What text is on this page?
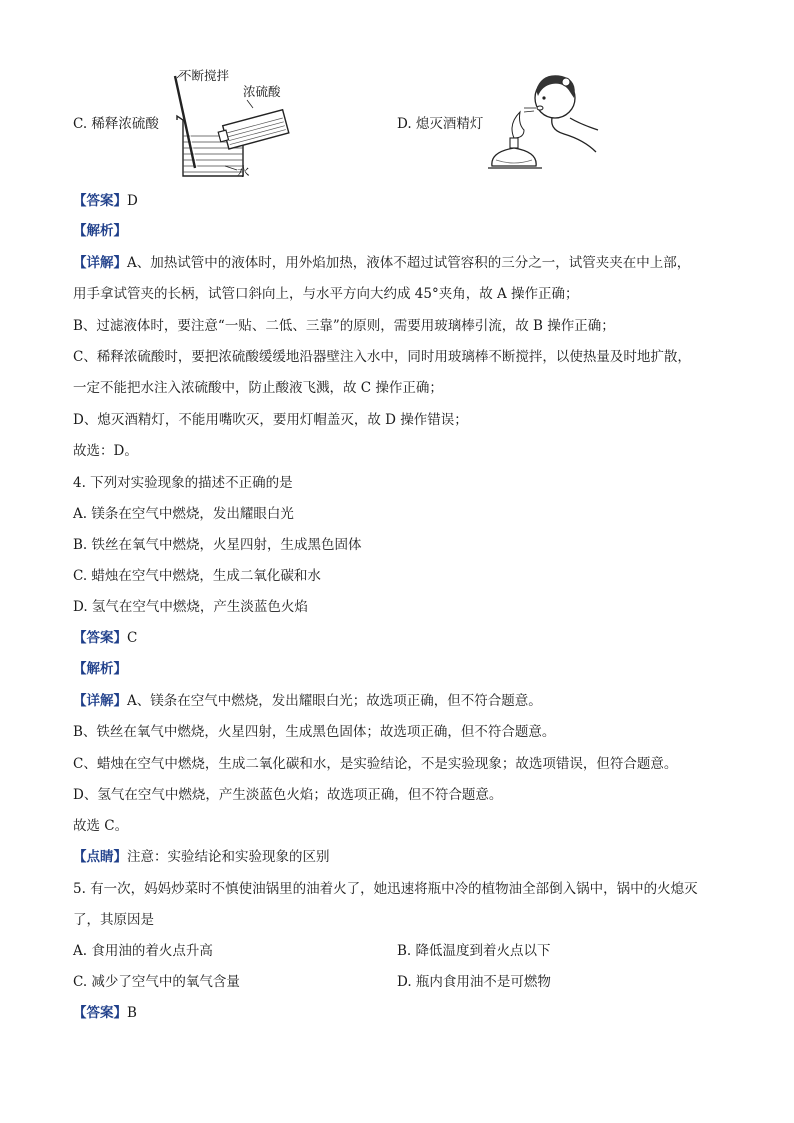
C. 稀释浓硫酸
不断搅拌
浓硫酸
水
D. 熄灭酒精灯
【答案】D
【解析】
【详解】A、加热试管中的液体时，用外焰加热，液体不超过试管容积的三分之一，试管夹夹在中上部，
用手拿试管夹的长柄，试管口斜向上，与水平方向大约成 45°夹角，故 A 操作正确；
B、过滤液体时，要注意“一贴、二低、三靠”的原则，需要用玻璃棒引流，故 B 操作正确；
C、稀释浓硫酸时，要把浓硫酸缓缓地沿器壁注入水中，同时用玻璃棒不断搅拌，以使热量及时地扩散，
一定不能把水注入浓硫酸中，防止酸液飞溅，故 C 操作正确；
D、熄灭酒精灯，不能用嘴吹灭，要用灯帽盖灭，故 D 操作错误；
故选：D。
4. 下列对实验现象的描述不正确的是
A. 镁条在空气中燃烧，发出耀眼白光
B. 铁丝在氧气中燃烧，火星四射，生成黑色固体
C. 蜡烛在空气中燃烧，生成二氧化碳和水
D. 氢气在空气中燃烧，产生淡蓝色火焰
【答案】C
【解析】
【详解】A、镁条在空气中燃烧，发出耀眼白光；故选项正确，但不符合题意。
B、铁丝在氧气中燃烧，火星四射，生成黑色固体；故选项正确，但不符合题意。
C、蜡烛在空气中燃烧，生成二氧化碳和水，是实验结论，不是实验现象；故选项错误，但符合题意。
D、氢气在空气中燃烧，产生淡蓝色火焰；故选项正确，但不符合题意。
故选 C。
【点睛】注意：实验结论和实验现象的区别
5. 有一次，妈妈炒菜时不慎使油锅里的油着火了，她迅速将瓶中冷的植物油全部倒入锅中，锅中的火熄灭
了，其原因是
A. 食用油的着火点升高	B. 降低温度到着火点以下
C. 减少了空气中的氧气含量	D. 瓶内食用油不是可燃物
【答案】B
